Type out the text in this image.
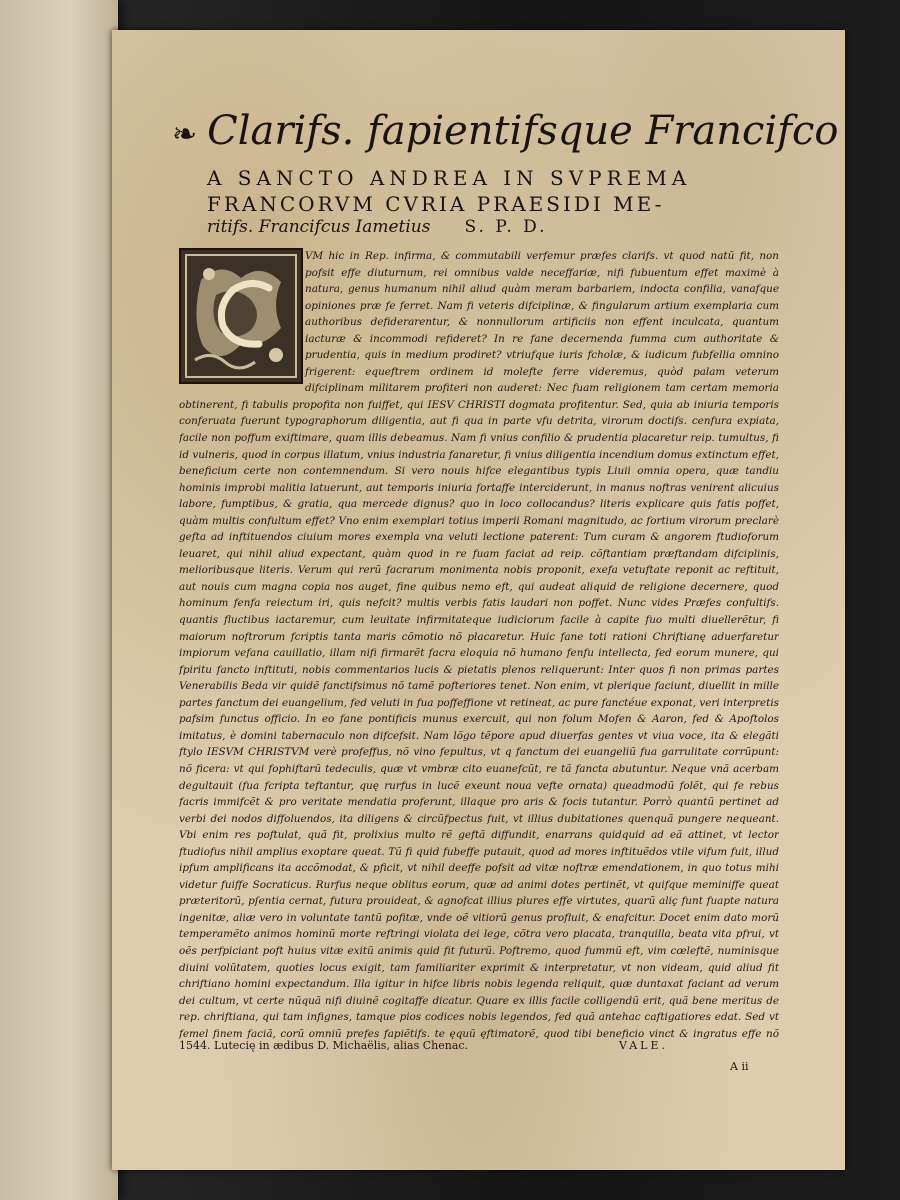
❧ Clarifs. fapientifsque Francifco
A SANCTO ANDREA IN SVPREMA
FRANCORVM CVRIA PRAESIDI ME-
ritifs. Francifcus Iametius S. P. D.
VM hic in Rep. infirma, & commutabili verfemur præfes clarifs. vt quod natũ fit, non pofsit effe diuturnum, rei omnibus valde neceffariæ, nifi fubuentum effet maximè à natura, genus humanum nihil aliud quàm meram barbariem, indocta confilia, vanafque opiniones præ fe ferret. Nam fi veteris difciplinæ, & fingularum artium exemplaria cum authoribus defiderarentur, & nonnullorum artificiis non effent inculcata, quantum iacturæ & incommodi refideret? In re fane decernenda fumma cum authoritate & prudentia, quis in medium prodiret? vtriufque iuris fcholæ, & iudicum fubfellia omnino frigerent: equeftrem ordinem id molefte ferre videremus, quòd palam veterum difciplinam militarem profiteri non auderet: Nec fuam religionem tam certam memoria obtinerent, fi tabulis propofita non fuiffet, qui IESV CHRISTI dogmata profitentur. Sed, quia ab iniuria temporis conferuata fuerunt typographorum diligentia, aut fi qua in parte vfu detrita, virorum doctifs. cenfura expiata, facile non poffum exiftimare, quam illis debeamus. Nam fi vnius confilio & prudentia placaretur reip. tumultus, fi id vulneris, quod in corpus illatum, vnius industria fanaretur, fi vnius diligentia incendium domus extinctum effet, beneficium certe non contemnendum. Si vero nouis hifce elegantibus typis Liuii omnia opera, quæ tandiu hominis improbi malitia latuerunt, aut temporis iniuria fortaffe interciderunt, in manus noftras venirent alicuius labore, fumptibus, & gratia, qua mercede dignus? quo in loco collocandus? literis explicare quis fatis poffet, quàm multis confultum effet? Vno enim exemplari totius imperii Romani magnitudo, ac fortium virorum preclarè gefta ad inftituendos ciuium mores exempla vna veluti lectione paterent: Tum curam & angorem ftudioforum leuaret, qui nihil aliud expectant, quàm quod in re fuam faciat ad reip. cõftantiam præftandam difciplinis, melioribusque literis. Verum qui rerũ facrarum monimenta nobis proponit, exefa vetuftate reponit ac reftituit, aut nouis cum magna copia nos auget, fine quibus nemo eft, qui audeat aliquid de religione decernere, quod hominum fenfa reiectum iri, quis nefcit? multis verbis fatis laudari non poffet. Nunc vides Præfes confultifs. quantis fluctibus iactaremur, cum leuitate infirmitateque iudiciorum facile à capite fuo multi diuellerẽtur, fi maiorum noftrorum fcriptis tanta maris cõmotio nõ placaretur. Huic fane toti rationi Chriftianę aduerfaretur impiorum vefana cauillatio, illam nifi firmarẽt facra eloquia nõ humano fenfu intellecta, fed eorum munere, qui fpiritu fancto inftituti, nobis commentarios lucis & pietatis plenos reliquerunt: Inter quos fi non primas partes Venerabilis Beda vir quidẽ fanctifsimus nõ tamẽ pofteriores tenet. Non enim, vt plerique faciunt, diuellit in mille partes fanctum dei euangelium, fed veluti in fua poffeffione vt retineat, ac pure fanctéue exponat, veri interpretis pafsim functus officio. In eo fane pontificis munus exercuit, qui non folum Mofen & Aaron, fed & Apoftolos imitatus, è domini tabernaculo non difcefsit. Nam lõgo tẽpore apud diuerfas gentes vt viua voce, ita & elegãti ftylo IESVM CHRISTVM verè profeffus, nõ vino fepultus, vt q fanctum dei euangeliũ fua garrulitate corrũpunt: nõ ficera: vt qui fophiftarũ tedeculis, quæ vt vmbræ cito euanefcũt, re tã fancta abutuntur. Neque vnã acerbam degultauit (fua fcripta teftantur, quę rurfus in lucẽ exeunt noua vefte ornata) queadmodũ folẽt, qui fe rebus facris immifcẽt & pro veritate mendatia proferunt, illaque pro aris & focis tutantur. Porrò quantũ pertinet ad verbi dei nodos diffoluendos, ita diligens & circũfpectus fuit, vt illius dubitationes quenquã pungere nequeant. Vbi enim res poftulat, quã fit, prolixius multo rẽ geftã diffundit, enarrans quidquid ad eã attinet, vt lector ftudiofus nihil amplius exoptare queat. Tũ fi quid fubeffe putauit, quod ad mores inftituẽdos vtile vifum fuit, illud ipfum amplificans ita accõmodat, & pficit, vt nihil deeffe pofsit ad vitæ noftræ emendationem, in quo totus mihi videtur fuiffe Socraticus. Rurfus neque oblitus eorum, quæ ad animi dotes pertinẽt, vt quifque meminiffe queat præteritorũ, pſentia cernat, futura prouideat, & agnofcat illius plures effe virtutes, quarũ aliç funt fuapte natura ingenitæ, aliæ vero in voluntate tantũ pofitæ, vnde oẽ vitiorũ genus profluit, & enafcitur. Docet enim dato morũ temperamẽto animos hominũ morte reftringi violata dei lege, cõtra vero placata, tranquilla, beata vita pfrui, vt oẽs perfpiciant poft huius vitæ exitũ animis quid fit futurũ. Poftremo, quod fummũ eft, vim cœleftẽ, numinisque diuini volũtatem, quoties locus exigit, tam familiariter exprimit & interpretatur, vt non videam, quid aliud fit chriftiano homini expectandum. Illa igitur in hifce libris nobis legenda reliquit, quæ duntaxat faciant ad verum dei cultum, vt certe nũquã nifi diuinẽ cogitaffe dicatur. Quare ex illis facile colligendũ erit, quã bene meritus de rep. chriftiana, qui tam infignes, tamque pios codices nobis legendos, fed quã antehac caftigatiores edat. Sed vt femel finem faciã, corũ omniũ prefes fapiẽtifs. te ęquũ ęftimatorẽ, quod tibi beneficio vinct & ingratus effe nõ
1544. Lutecię in ædibus D. Michaëlis, alias Chenac.	VALE.
A ii
